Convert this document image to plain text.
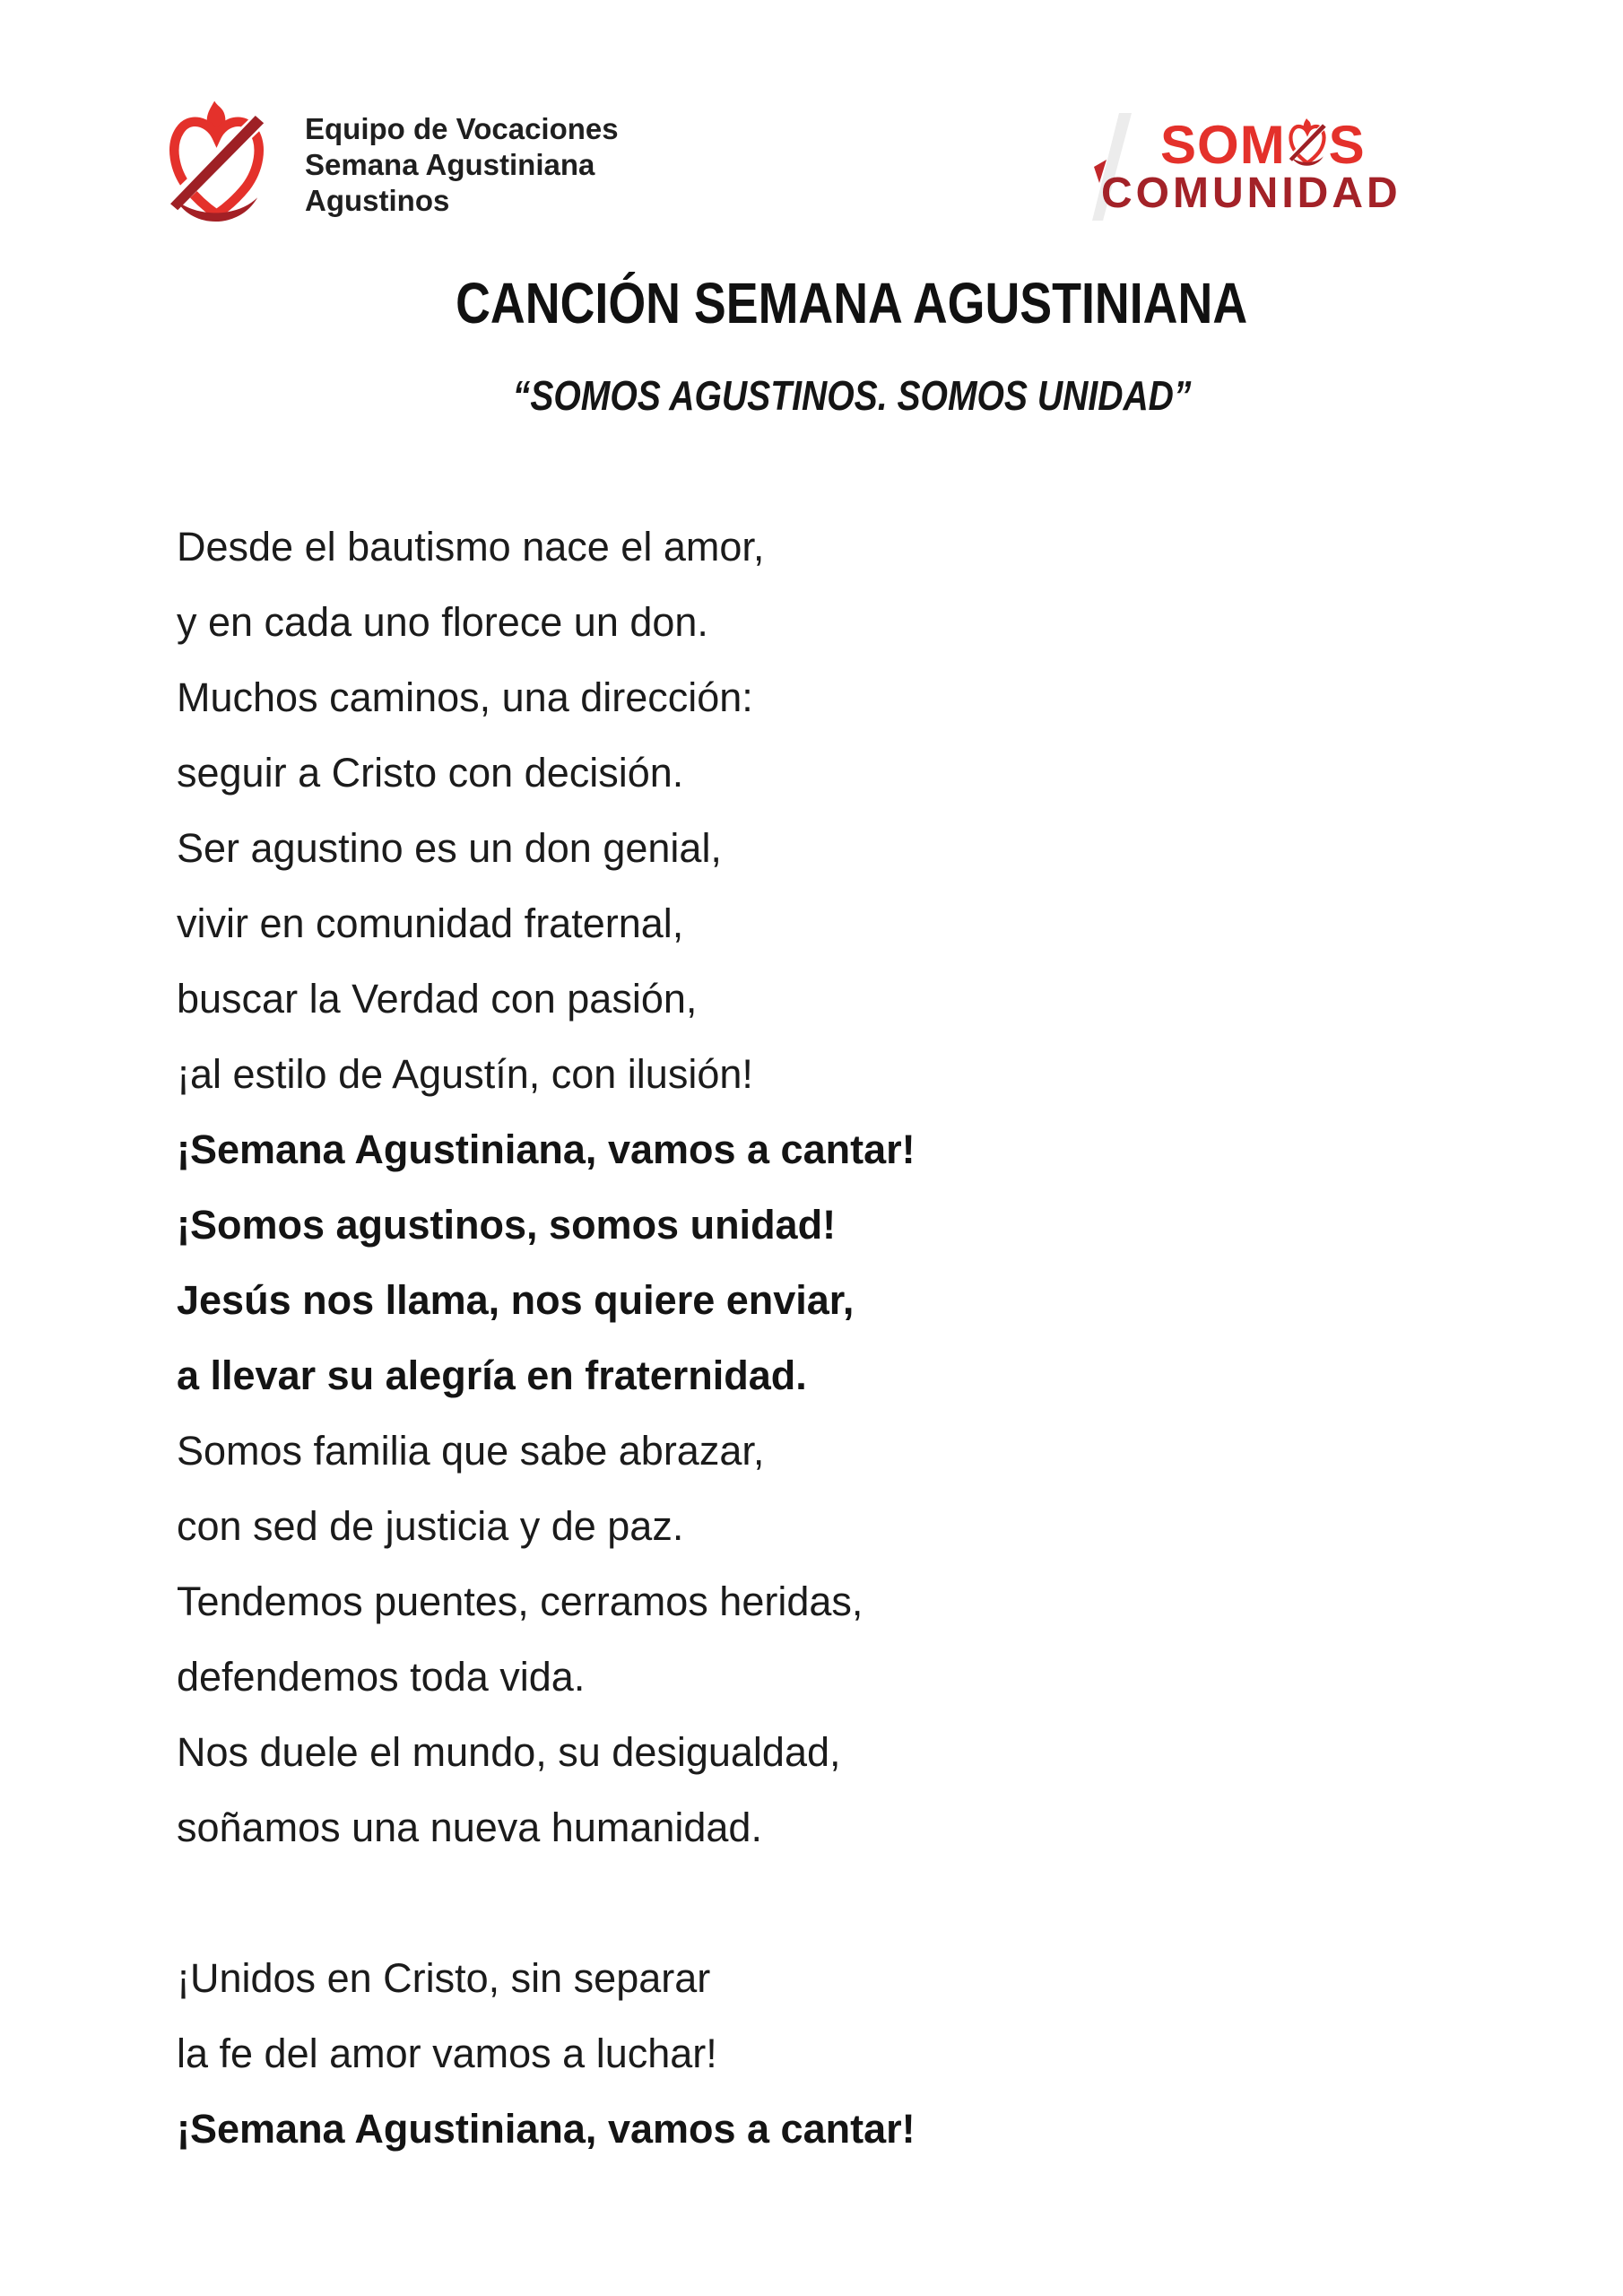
Equipo de Vocaciones
Semana Agustiniana
Agustinos
SOM S
COMUNIDAD
CANCIÓN SEMANA AGUSTINIANA
“SOMOS AGUSTINOS. SOMOS UNIDAD”

Desde el bautismo nace el amor,

y en cada uno florece un don.

Muchos caminos, una dirección:

seguir a Cristo con decisión.

Ser agustino es un don genial,

vivir en comunidad fraternal,

buscar la Verdad con pasión,

¡al estilo de Agustín, con ilusión!

¡Semana Agustiniana, vamos a cantar!

¡Somos agustinos, somos unidad!

Jesús nos llama, nos quiere enviar,

a llevar su alegría en fraternidad.

Somos familia que sabe abrazar,

con sed de justicia y de paz.

Tendemos puentes, cerramos heridas,

defendemos toda vida.

Nos duele el mundo, su desigualdad,

soñamos una nueva humanidad.

¡Unidos en Cristo, sin separar

la fe del amor vamos a luchar!

¡Semana Agustiniana, vamos a cantar!
